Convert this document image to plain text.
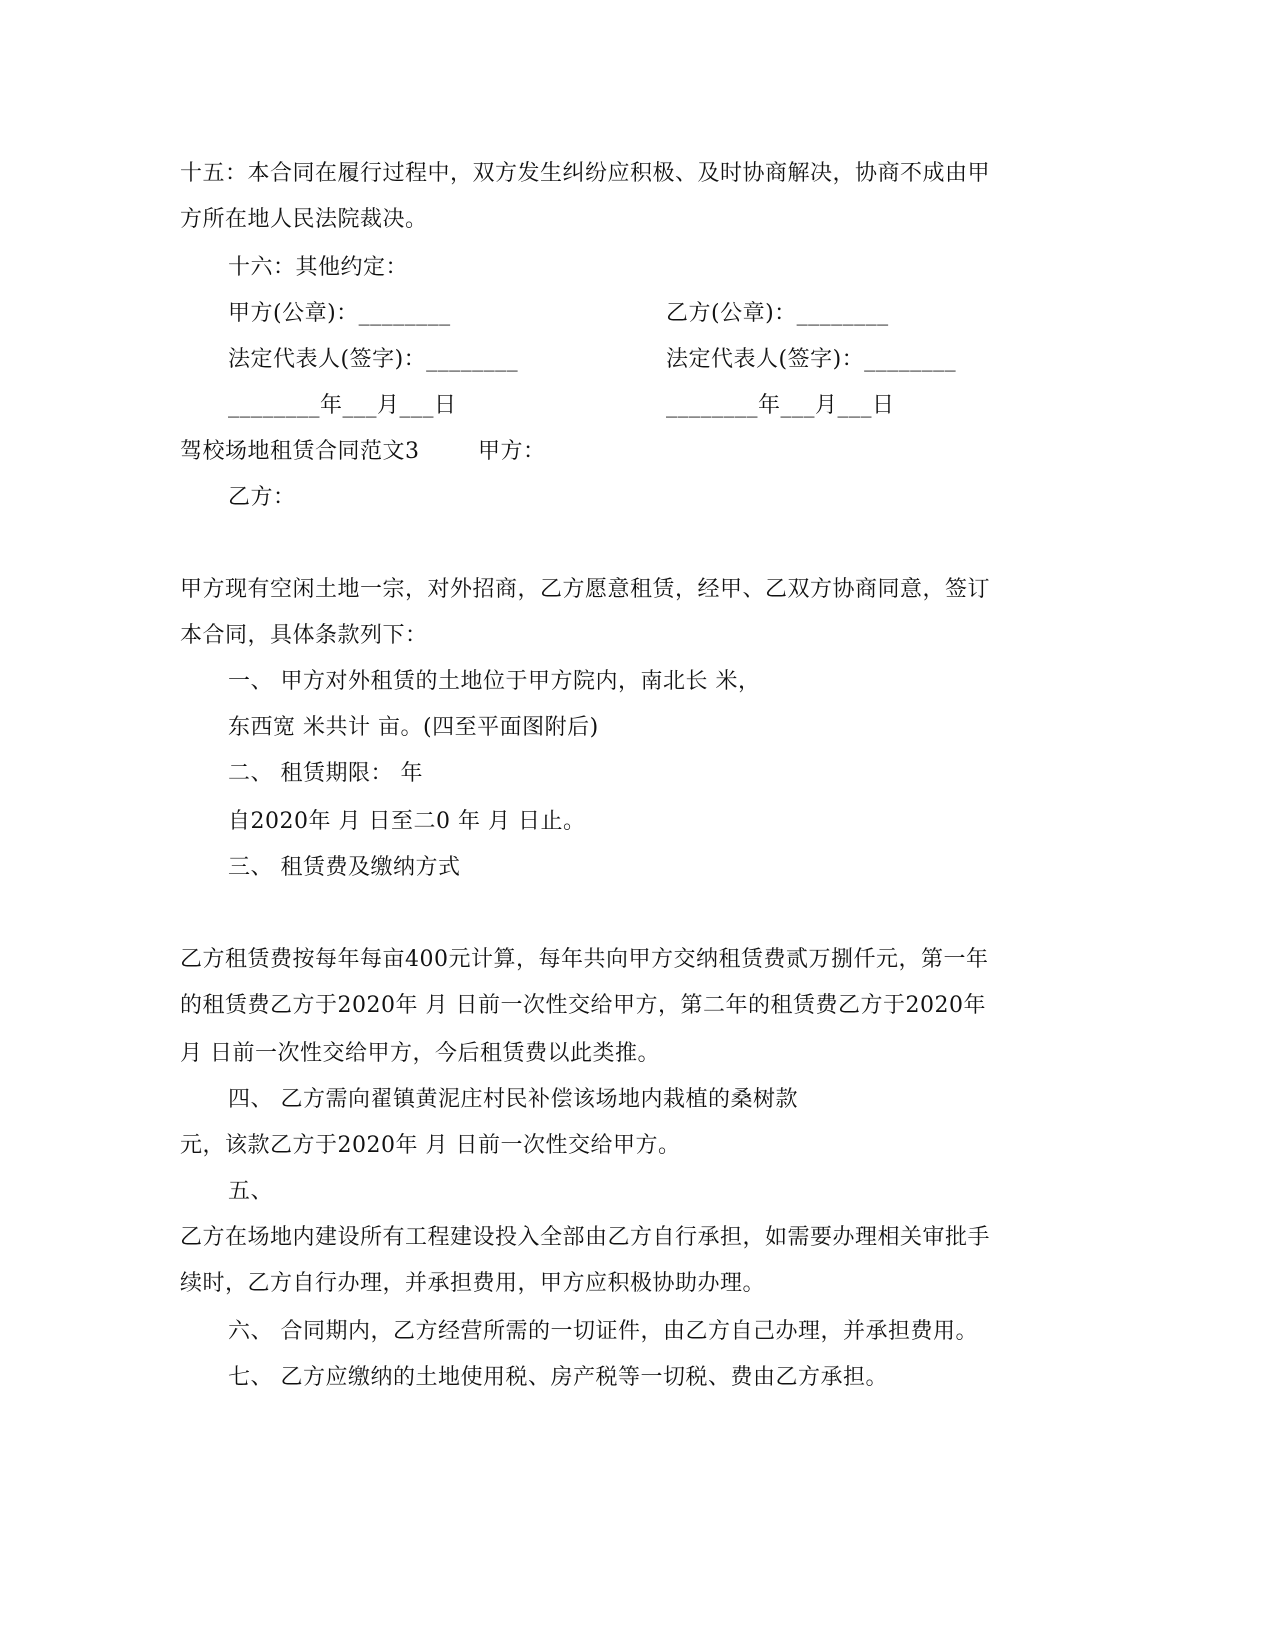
十五：本合同在履行过程中，双方发生纠纷应积极、及时协商解决，协商不成由甲
方所在地人民法院裁决。
十六：其他约定：
甲方(公章)：________	乙方(公章)：________
法定代表人(签字)：________	法定代表人(签字)：________
________年___月___日	________年___月___日
驾校场地租赁合同范文3	甲方：
乙方：
甲方现有空闲土地一宗，对外招商，乙方愿意租赁，经甲、乙双方协商同意，签订
本合同，具体条款列下：
一、 甲方对外租赁的土地位于甲方院内，南北长 米，
东西宽 米共计 亩。(四至平面图附后)
二、 租赁期限： 年
自2020年 月 日至二0 年 月 日止。
三、 租赁费及缴纳方式
乙方租赁费按每年每亩400元计算，每年共向甲方交纳租赁费贰万捌仟元，第一年
的租赁费乙方于2020年 月 日前一次性交给甲方，第二年的租赁费乙方于2020年
月 日前一次性交给甲方，今后租赁费以此类推。
四、 乙方需向翟镇黄泥庄村民补偿该场地内栽植的桑树款
元，该款乙方于2020年 月 日前一次性交给甲方。
五、
乙方在场地内建设所有工程建设投入全部由乙方自行承担，如需要办理相关审批手
续时，乙方自行办理，并承担费用，甲方应积极协助办理。
六、 合同期内，乙方经营所需的一切证件，由乙方自己办理，并承担费用。
七、 乙方应缴纳的土地使用税、房产税等一切税、费由乙方承担。
